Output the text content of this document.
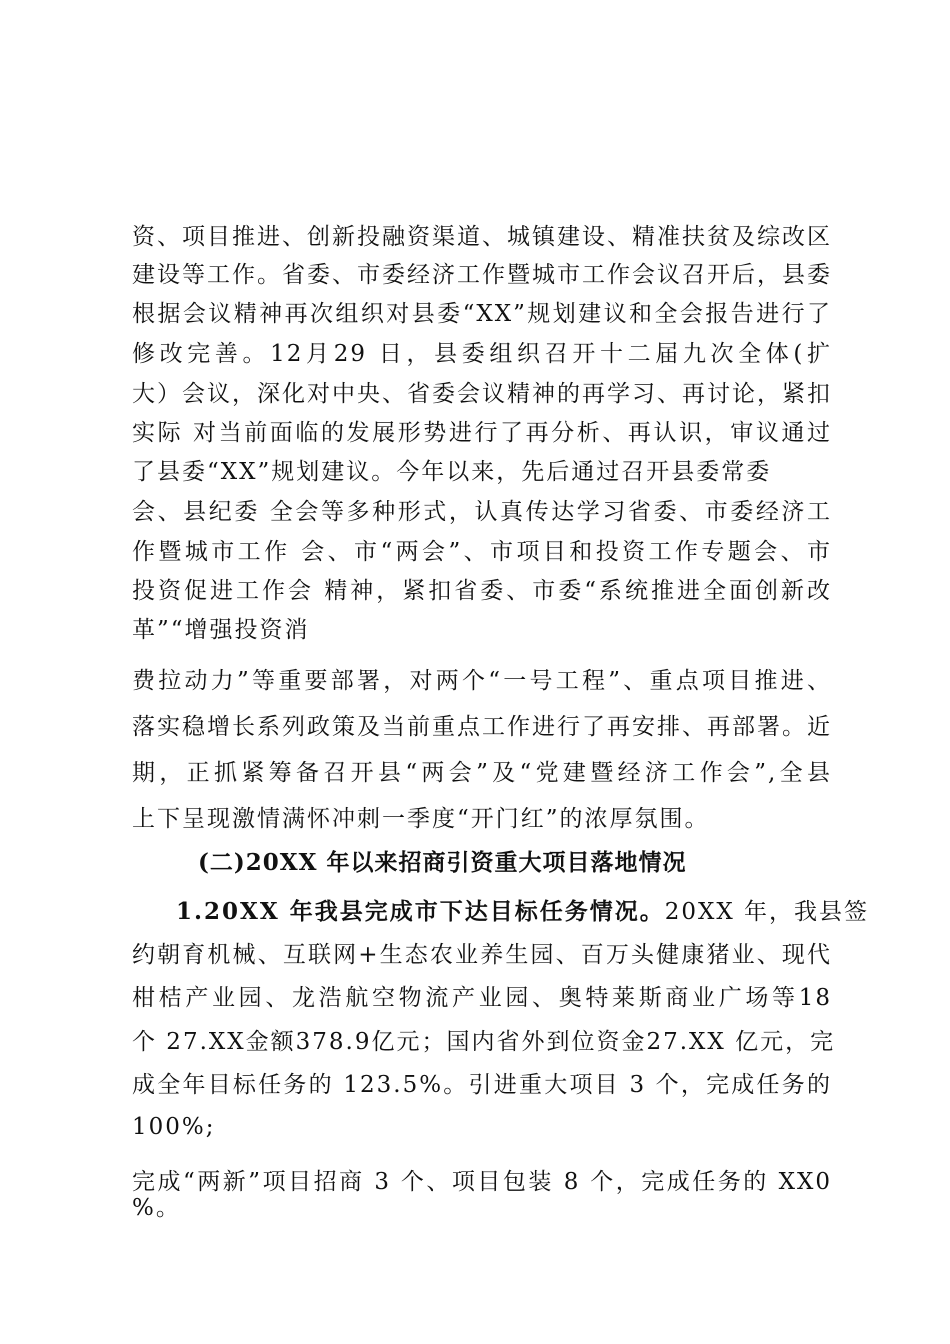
资、项目推进、创新投融资渠道、城镇建设、精准扶贫及综改区
建设等工作。省委、市委经济工作暨城市工作会议召开后，县委
根据会议精神再次组织对县委“XX”规划建议和全会报告进行了
修改完善。12月29 日，县委组织召开十二届九次全体(扩
大）会议，深化对中央、省委会议精神的再学习、再讨论，紧扣
实际 对当前面临的发展形势进行了再分析、再认识，审议通过
了县委“XX”规划建议。今年以来，先后通过召开县委常委
会、县纪委 全会等多种形式，认真传达学习省委、市委经济工
作暨城市工作 会、市“两会”、市项目和投资工作专题会、市
投资促进工作会 精神，紧扣省委、市委“系统推进全面创新改
革”“增强投资消
费拉动力”等重要部署，对两个“一号工程”、重点项目推进、
落实稳增长系列政策及当前重点工作进行了再安排、再部署。近
期，正抓紧筹备召开县“两会”及“党建暨经济工作会”,全县
上下呈现激情满怀冲刺一季度“开门红”的浓厚氛围。
(二)20XX 年以来招商引资重大项目落地情况
1.20XX 年我县完成市下达目标任务情况。20XX 年，我县签
约朝育机械、互联网+生态农业养生园、百万头健康猪业、现代
柑桔产业园、龙浩航空物流产业园、奥特莱斯商业广场等18
个 27.XX金额378.9亿元；国内省外到位资金27.XX 亿元，完
成全年目标任务的 123.5%。引进重大项目 3 个，完成任务的
100%;
完成“两新”项目招商 3 个、项目包装 8 个，完成任务的 XX0
%。
